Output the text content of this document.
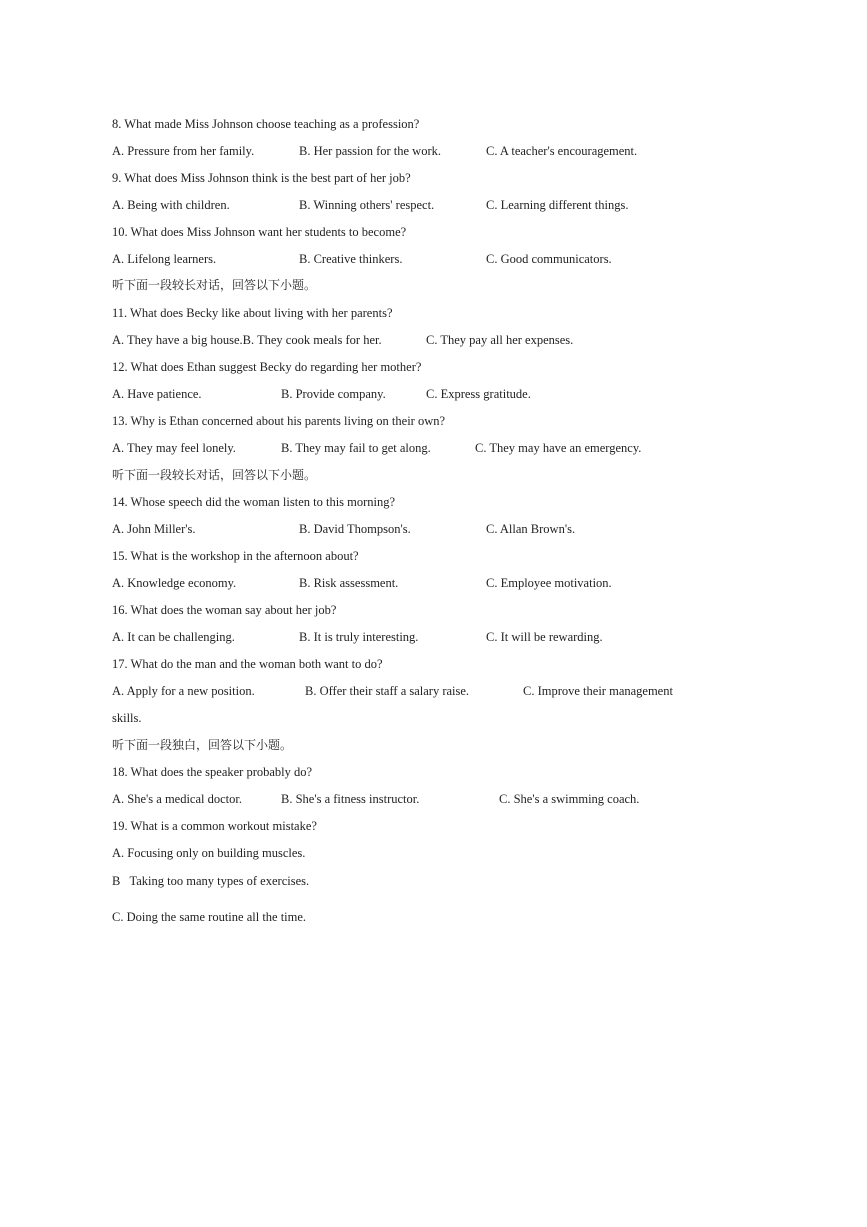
8. What made Miss Johnson choose teaching as a profession?
A. Pressure from her family.	B. Her passion for the work.	C. A teacher's encouragement.
9. What does Miss Johnson think is the best part of her job?
A. Being with children.	B. Winning others' respect.	C. Learning different things.
10. What does Miss Johnson want her students to become?
A. Lifelong learners.	B. Creative thinkers.	C. Good communicators.
听下面一段较长对话，回答以下小题。
11. What does Becky like about living with her parents?
A. They have a big house.B. They cook meals for her.	C. They pay all her expenses.
12. What does Ethan suggest Becky do regarding her mother?
A. Have patience.	B. Provide company.	C. Express gratitude.
13. Why is Ethan concerned about his parents living on their own?
A. They may feel lonely.	B. They may fail to get along.	C. They may have an emergency.
听下面一段较长对话，回答以下小题。
14. Whose speech did the woman listen to this morning?
A. John Miller's.	B. David Thompson's.	C. Allan Brown's.
15. What is the workshop in the afternoon about?
A. Knowledge economy.	B. Risk assessment.	C. Employee motivation.
16. What does the woman say about her job?
A. It can be challenging.	B. It is truly interesting.	C. It will be rewarding.
17. What do the man and the woman both want to do?
A. Apply for a new position.	B. Offer their staff a salary raise.	C. Improve their management
skills.
听下面一段独白，回答以下小题。
18. What does the speaker probably do?
A. She's a medical doctor.	B. She's a fitness instructor.	C. She's a swimming coach.
19. What is a common workout mistake?
A. Focusing only on building muscles.
B   Taking too many types of exercises.
C. Doing the same routine all the time.
